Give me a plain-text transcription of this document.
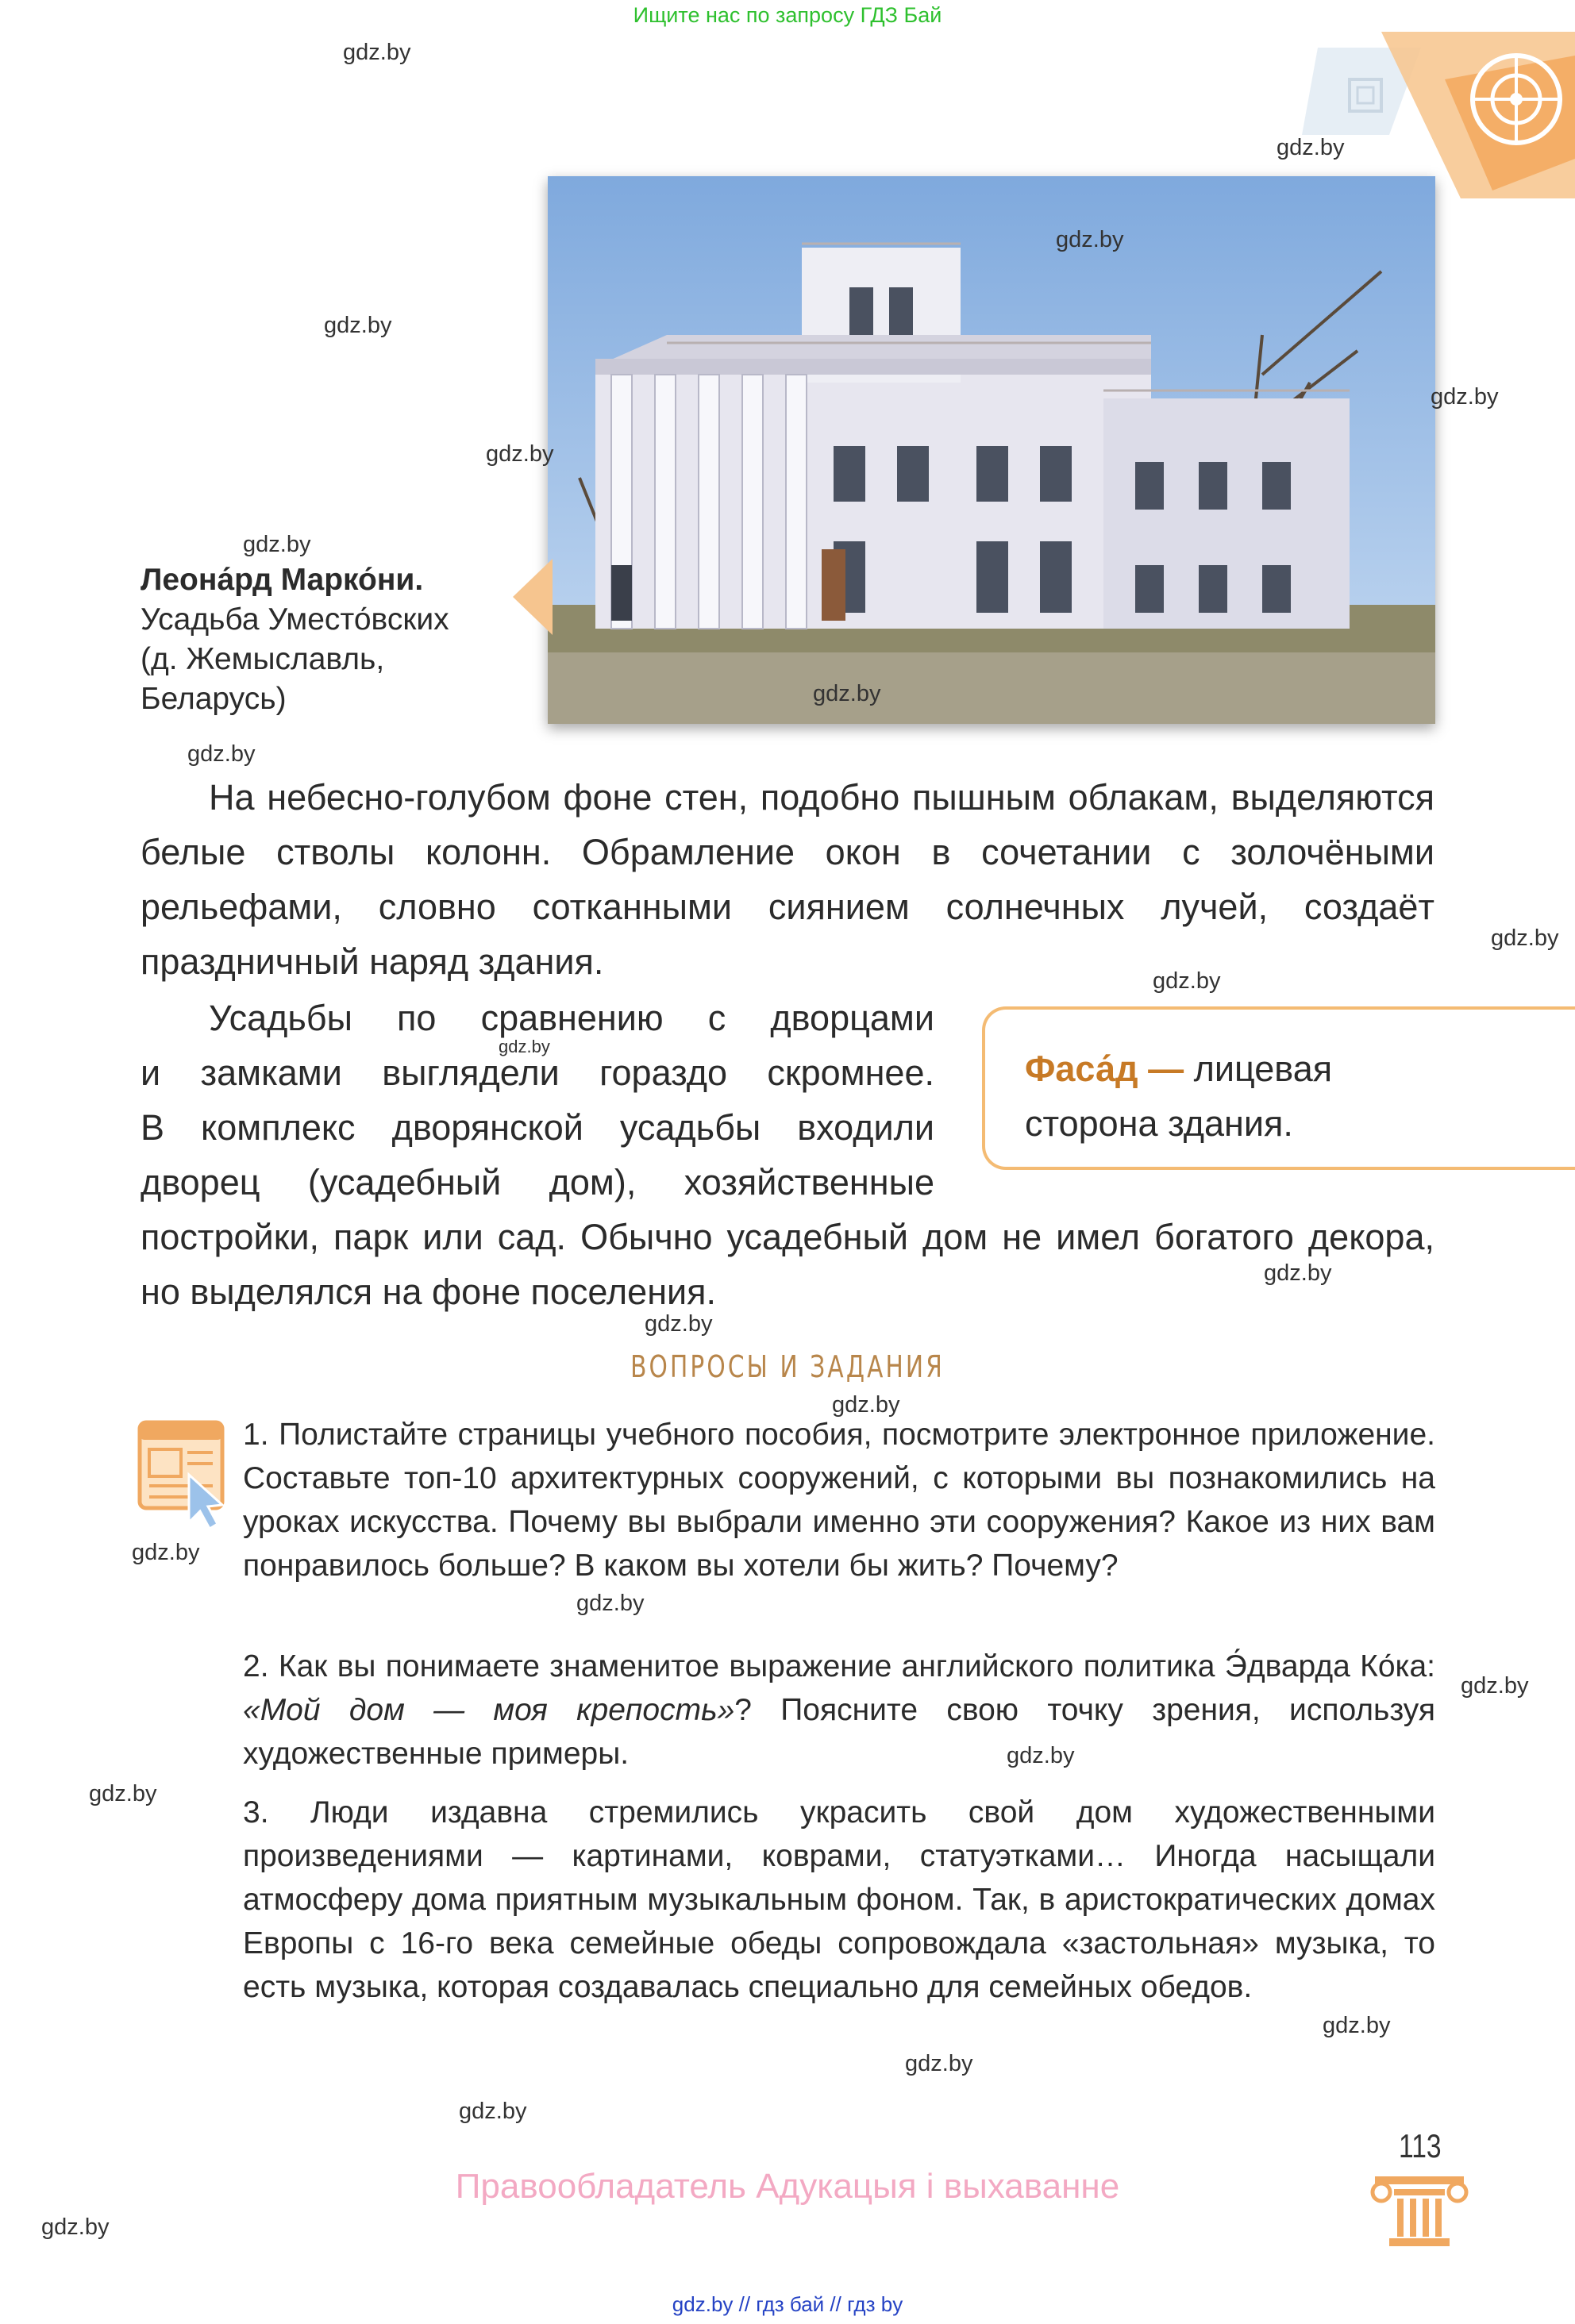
Ищите нас по запросу ГДЗ Бай
Леона́рд Марко́ни.
Усадьба Уместо́вских
(д. Жемыславль,
Беларусь)

На небесно-голубом фоне стен, подобно пышным облакам, выделяются белые стволы колонн. Обрамление окон в сочетании с золочёными рельефами, словно сотканными сиянием солнечных лучей, создаёт праздничный наряд здания.

Усадьбы по сравнению с дворцами
и замками выглядели гораздо скромнее.
В комплекс дворянской усадьбы входили
дворец (усадебный дом), хозяйственные

постройки, парк или сад. Обычно усадебный дом не имел богатого декора, но выделялся на фоне поселения.

Фаса́д — лицевая
сторона здания.
ВОПРОСЫ И ЗАДАНИЯ

1. Полистайте страницы учебного пособия, посмотрите электронное приложение. Составьте топ-10 архитектурных сооружений, с которыми вы познакомились на уроках искусства. Почему вы выбрали именно эти сооружения? Какое из них вам понравилось больше? В каком вы хотели бы жить? Почему?

2. Как вы понимаете знаменитое выражение английского политика Э́дварда Ко́ка: «Мой дом — моя крепость»? Поясните свою точку зрения, используя художественные примеры.

3. Люди издавна стремились украсить свой дом художественными произведениями — картинами, коврами, статуэтками… Иногда насыщали атмосферу дома приятным музыкальным фоном. Так, в аристократических домах Европы с 16-го века семейные обеды сопровождала «застольная» музыка, то есть музыка, которая создавалась специально для семейных обедов.

113
Правообладатель Адукацыя і выхаванне
gdz.by // гдз бай // гдз by
gdz.by
gdz.by
gdz.by
gdz.by
gdz.by
gdz.by
gdz.by
gdz.by
gdz.by
gdz.by
gdz.by
gdz.by
gdz.by
gdz.by
gdz.by
gdz.by
gdz.by
gdz.by
gdz.by
gdz.by
gdz.by
gdz.by
gdz.by
gdz.by
